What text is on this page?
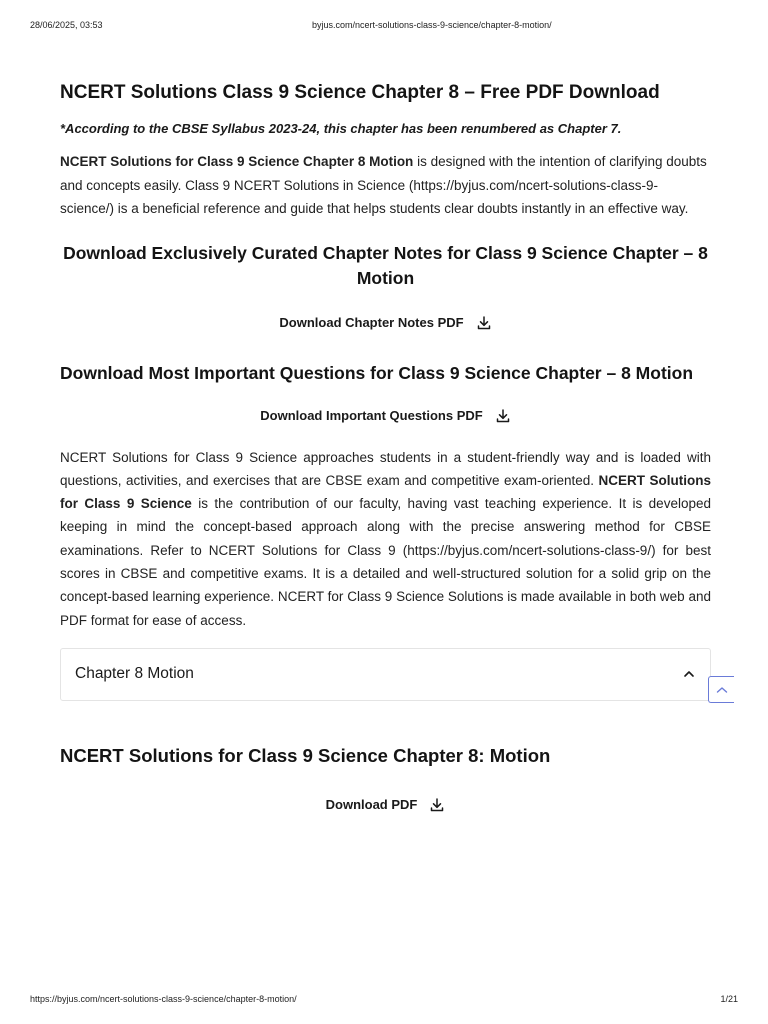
28/06/2025, 03:53	byjus.com/ncert-solutions-class-9-science/chapter-8-motion/
NCERT Solutions Class 9 Science Chapter 8 – Free PDF Download

*According to the CBSE Syllabus 2023-24, this chapter has been renumbered as Chapter 7.

NCERT Solutions for Class 9 Science Chapter 8 Motion is designed with the intention of clarifying doubts and concepts easily. Class 9 NCERT Solutions in Science (https://byjus.com/ncert-solutions-class-9-science/) is a beneficial reference and guide that helps students clear doubts instantly in an effective way.

Download Exclusively Curated Chapter Notes for Class 9 Science Chapter – 8 Motion
Download Chapter Notes PDF
Download Most Important Questions for Class 9 Science Chapter – 8 Motion
Download Important Questions PDF

NCERT Solutions for Class 9 Science approaches students in a student-friendly way and is loaded with questions, activities, and exercises that are CBSE exam and competitive exam-oriented. NCERT Solutions for Class 9 Science is the contribution of our faculty, having vast teaching experience. It is developed keeping in mind the concept-based approach along with the precise answering method for CBSE examinations. Refer to NCERT Solutions for Class 9 (https://byjus.com/ncert-solutions-class-9/) for best scores in CBSE and competitive exams. It is a detailed and well-structured solution for a solid grip on the concept-based learning experience. NCERT for Class 9 Science Solutions is made available in both web and PDF format for ease of access.

Chapter 8 Motion
NCERT Solutions for Class 9 Science Chapter 8: Motion
Download PDF
https://byjus.com/ncert-solutions-class-9-science/chapter-8-motion/	1/21
